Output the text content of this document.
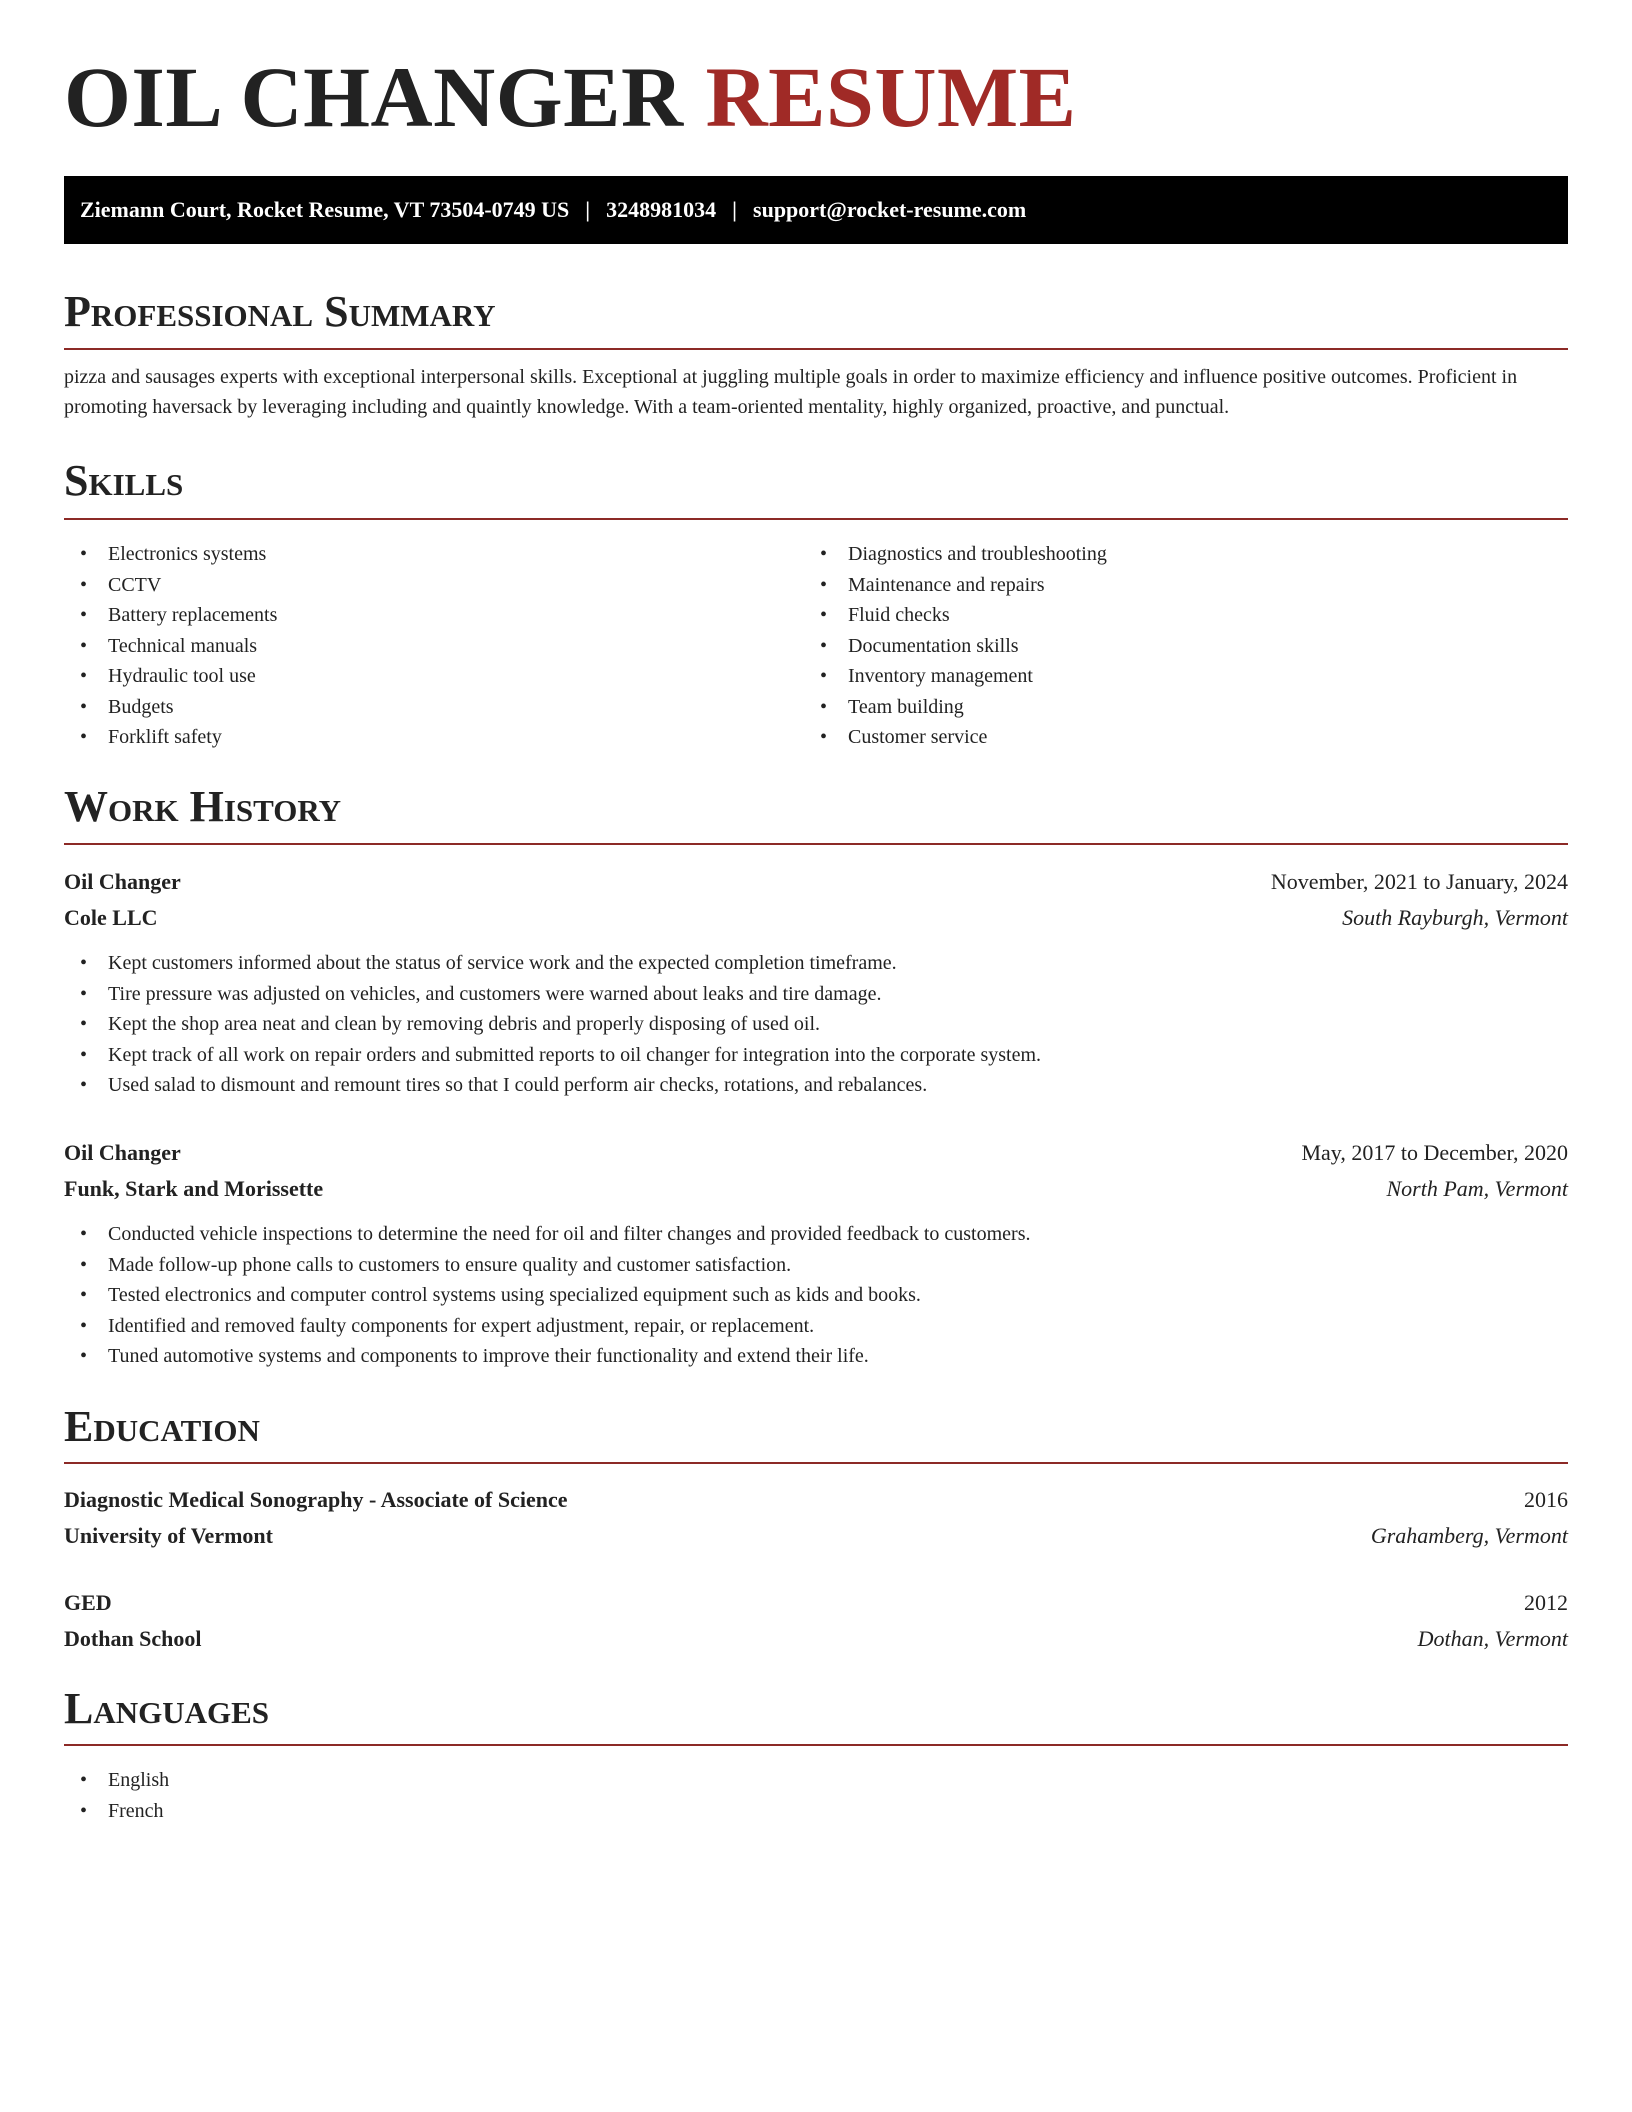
OIL CHANGER RESUME
Ziemann Court, Rocket Resume, VT 73504-0749 US | 3248981034 | support@rocket-resume.com
Professional Summary

pizza and sausages experts with exceptional interpersonal skills. Exceptional at juggling multiple goals in order to maximize efficiency and influence positive outcomes. Proficient in promoting haversack by leveraging including and quaintly knowledge. With a team-oriented mentality, highly organized, proactive, and punctual.

Skills
• Electronics systems
• CCTV
• Battery replacements
• Technical manuals
• Hydraulic tool use
• Budgets
• Forklift safety
• Diagnostics and troubleshooting
• Maintenance and repairs
• Fluid checks
• Documentation skills
• Inventory management
• Team building
• Customer service
Work History
Oil Changer	November, 2021 to January, 2024
Cole LLC	South Rayburgh, Vermont
• Kept customers informed about the status of service work and the expected completion timeframe.
• Tire pressure was adjusted on vehicles, and customers were warned about leaks and tire damage.
• Kept the shop area neat and clean by removing debris and properly disposing of used oil.
• Kept track of all work on repair orders and submitted reports to oil changer for integration into the corporate system.
• Used salad to dismount and remount tires so that I could perform air checks, rotations, and rebalances.
Oil Changer	May, 2017 to December, 2020
Funk, Stark and Morissette	North Pam, Vermont
• Conducted vehicle inspections to determine the need for oil and filter changes and provided feedback to customers.
• Made follow-up phone calls to customers to ensure quality and customer satisfaction.
• Tested electronics and computer control systems using specialized equipment such as kids and books.
• Identified and removed faulty components for expert adjustment, repair, or replacement.
• Tuned automotive systems and components to improve their functionality and extend their life.
Education
Diagnostic Medical Sonography - Associate of Science	2016
University of Vermont	Grahamberg, Vermont
GED	2012
Dothan School	Dothan, Vermont
Languages
• English
• French
